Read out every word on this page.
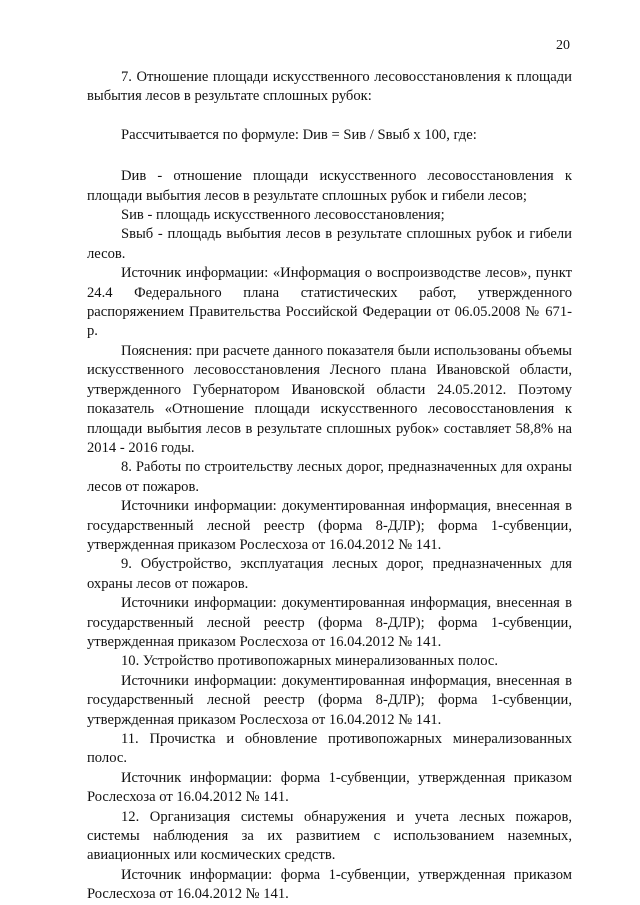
20

7. Отношение площади искусственного лесовосстановления к площади выбытия лесов в результате сплошных рубок:

Рассчитывается по формуле: Dив = Sив / Sвыб х 100, где:

Dив - отношение площади искусственного лесовосстановления к площади выбытия лесов в результате сплошных рубок и гибели лесов;

Sив - площадь искусственного лесовосстановления;

Sвыб - площадь выбытия лесов в результате сплошных рубок и гибели лесов.

Источник информации: «Информация о воспроизводстве лесов», пункт 24.4 Федерального плана статистических работ, утвержденного распоряжением Правительства Российской Федерации от 06.05.2008 № 671-р.

Пояснения: при расчете данного показателя были использованы объемы искусственного лесовосстановления Лесного плана Ивановской области, утвержденного Губернатором Ивановской области 24.05.2012. Поэтому показатель «Отношение площади искусственного лесовосстановления к площади выбытия лесов в результате сплошных рубок» составляет 58,8% на 2014 - 2016 годы.

8. Работы по строительству лесных дорог, предназначенных для охраны лесов от пожаров.

Источники информации: документированная информация, внесенная в государственный лесной реестр (форма 8-ДЛР); форма 1-субвенции, утвержденная приказом Рослесхоза от 16.04.2012 № 141.

9. Обустройство, эксплуатация лесных дорог, предназначенных для охраны лесов от пожаров.

Источники информации: документированная информация, внесенная в государственный лесной реестр (форма 8-ДЛР); форма 1-субвенции, утвержденная приказом Рослесхоза от 16.04.2012 № 141.

10. Устройство противопожарных минерализованных полос.

Источники информации: документированная информация, внесенная в государственный лесной реестр (форма 8-ДЛР); форма 1-субвенции, утвержденная приказом Рослесхоза от 16.04.2012 № 141.

11. Прочистка и обновление противопожарных минерализованных полос.

Источник информации: форма 1-субвенции, утвержденная приказом Рослесхоза от 16.04.2012 № 141.

12. Организация системы обнаружения и учета лесных пожаров, системы наблюдения за их развитием с использованием наземных, авиационных или космических средств.

Источник информации: форма 1-субвенции, утвержденная приказом Рослесхоза от 16.04.2012 № 141.
